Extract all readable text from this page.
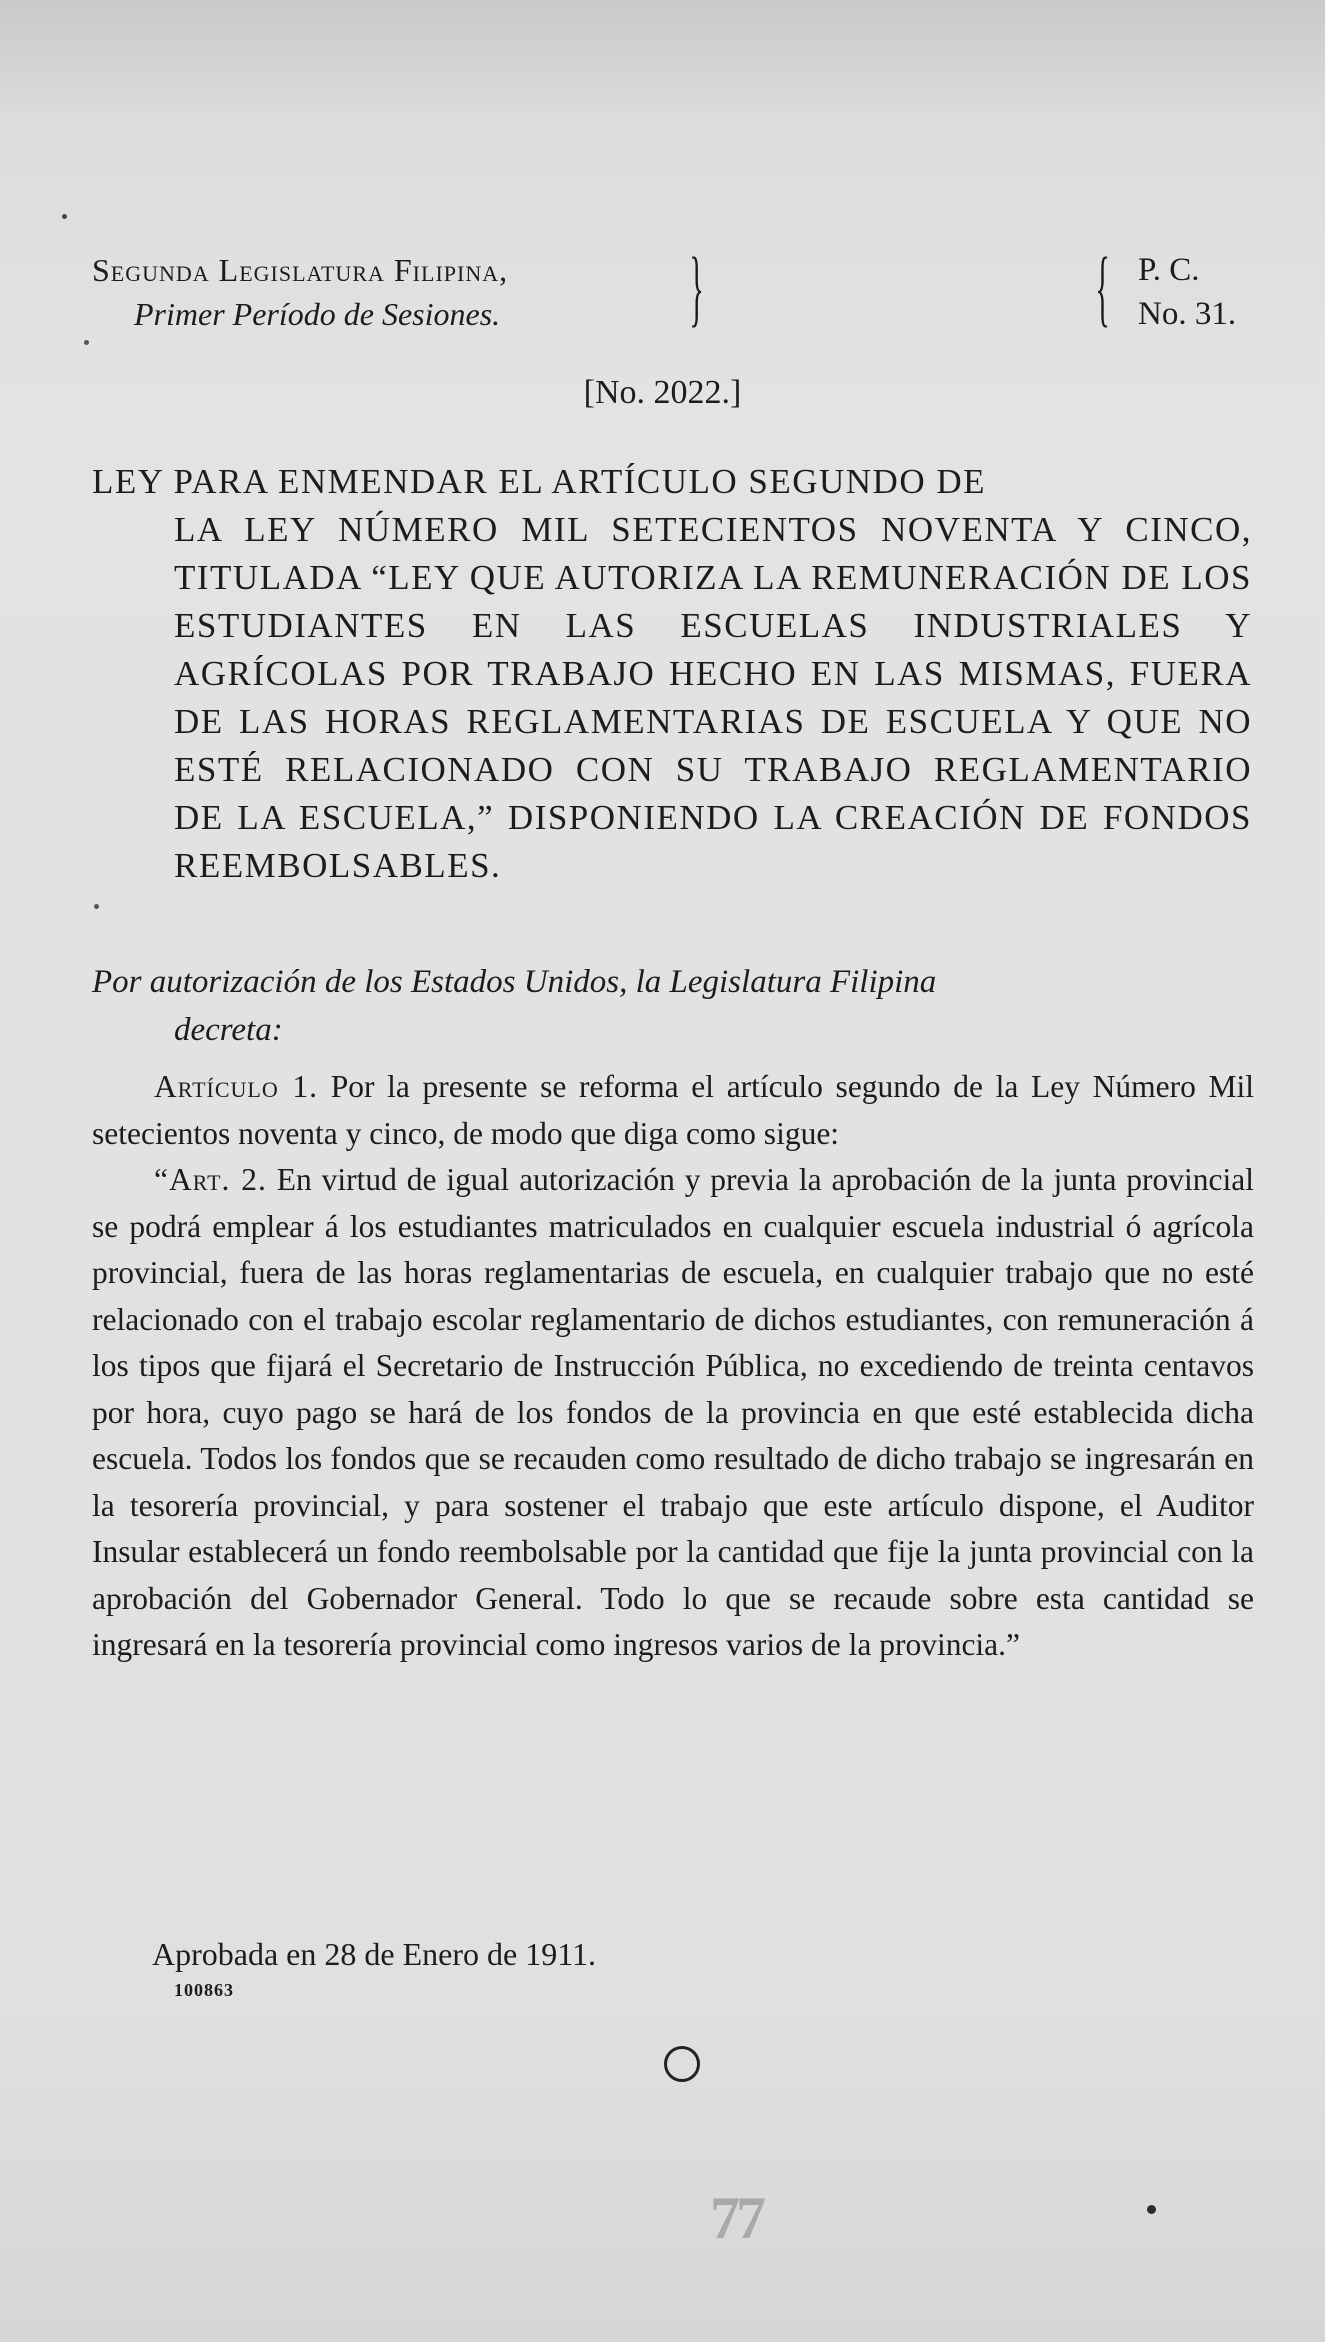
Segunda Legislatura Filipina,
Primer Período de Sesiones. }	{ P. C.
No. 31.
[No. 2022.]
LEY PARA ENMENDAR EL ARTÍCULO SEGUNDO DE
LA LEY NÚMERO MIL SETECIENTOS NOVENTA Y CINCO, TITULADA “LEY QUE AUTORIZA LA REMUNERACIÓN DE LOS ESTUDIANTES EN LAS ESCUELAS INDUSTRIALES Y AGRÍCOLAS POR TRABAJO HECHO EN LAS MISMAS, FUERA DE LAS HORAS REGLAMENTARIAS DE ESCUELA Y QUE NO ESTÉ RELACIONADO CON SU TRABAJO REGLAMENTARIO DE LA ESCUELA,” DISPONIENDO LA CREACIÓN DE FONDOS REEMBOLSABLES.
Por autorización de los Estados Unidos, la Legislatura Filipina
decreta:

Artículo 1. Por la presente se reforma el artículo segundo de la Ley Número Mil setecientos noventa y cinco, de modo que diga como sigue:

“Art. 2. En virtud de igual autorización y previa la aprobación de la junta provincial se podrá emplear á los estudiantes matriculados en cualquier escuela industrial ó agrícola provincial, fuera de las horas reglamentarias de escuela, en cualquier trabajo que no esté relacionado con el trabajo escolar reglamentario de dichos estudiantes, con remuneración á los tipos que fijará el Secretario de Instrucción Pública, no excediendo de treinta centavos por hora, cuyo pago se hará de los fondos de la provincia en que esté establecida dicha escuela. Todos los fondos que se recauden como resultado de dicho trabajo se ingresarán en la tesorería provincial, y para sostener el trabajo que este artículo dispone, el Auditor Insular establecerá un fondo reembolsable por la cantidad que fije la junta provincial con la aprobación del Gobernador General. Todo lo que se recaude sobre esta cantidad se ingresará en la tesorería provincial como ingresos varios de la provincia.”

Aprobada en 28 de Enero de 1911.
100863
77
